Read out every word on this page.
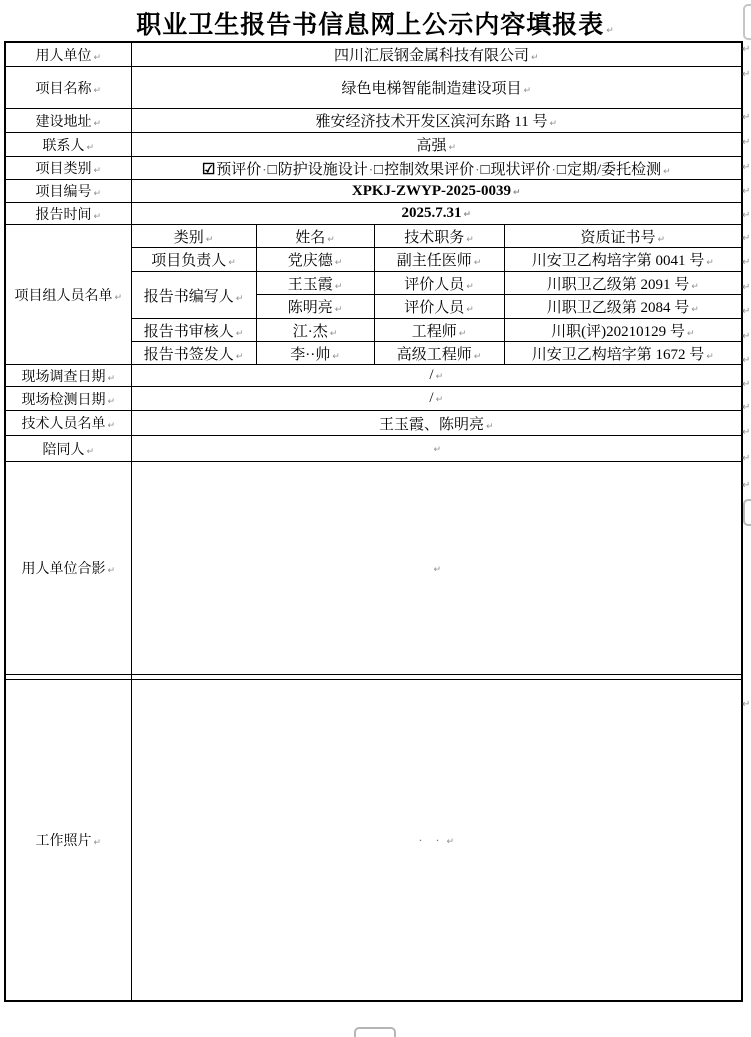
职业卫生报告书信息网上公示内容填报表 ↵
用人单位 ↵	四川汇辰钢金属科技有限公司 ↵			
项目名称 ↵	绿色电梯智能制造建设项目 ↵			
建设地址 ↵	雅安经济技术开发区滨河东路 11 号 ↵			
联系人 ↵	高强 ↵			
项目类别 ↵	☑预评价·□防护设施设计·□控制效果评价·□现状评价·□定期/委托检测 ↵			
项目编号 ↵	XPKJ-ZWYP-2025-0039 ↵			
报告时间 ↵	2025.7.31 ↵			
项目组人员名单 ↵	类别 ↵	姓名 ↵	技术职务 ↵	资质证书号 ↵
	项目负责人 ↵	党庆德 ↵	副主任医师 ↵	川安卫乙构培字第 0041 号 ↵
	报告书编写人 ↵	王玉霞 ↵	评价人员 ↵	川职卫乙级第 2091 号 ↵
		陈明亮 ↵	评价人员 ↵	川职卫乙级第 2084 号 ↵
	报告书审核人 ↵	江·杰 ↵	工程师 ↵	川职(评)20210129 号 ↵
	报告书签发人 ↵	李··帅 ↵	高级工程师 ↵	川安卫乙构培字第 1672 号 ↵
现场调查日期 ↵	/ ↵			
现场检测日期 ↵	/ ↵			
技术人员名单 ↵	王玉霞、陈明亮 ↵			
陪同人 ↵	↵			
用人单位合影 ↵	↵			

工作照片 ↵	· · ↵			
↵
↵
↵
↵
↵
↵
↵
↵
↵
↵
↵
↵
↵
↵
↵
↵
↵
↵
↵
